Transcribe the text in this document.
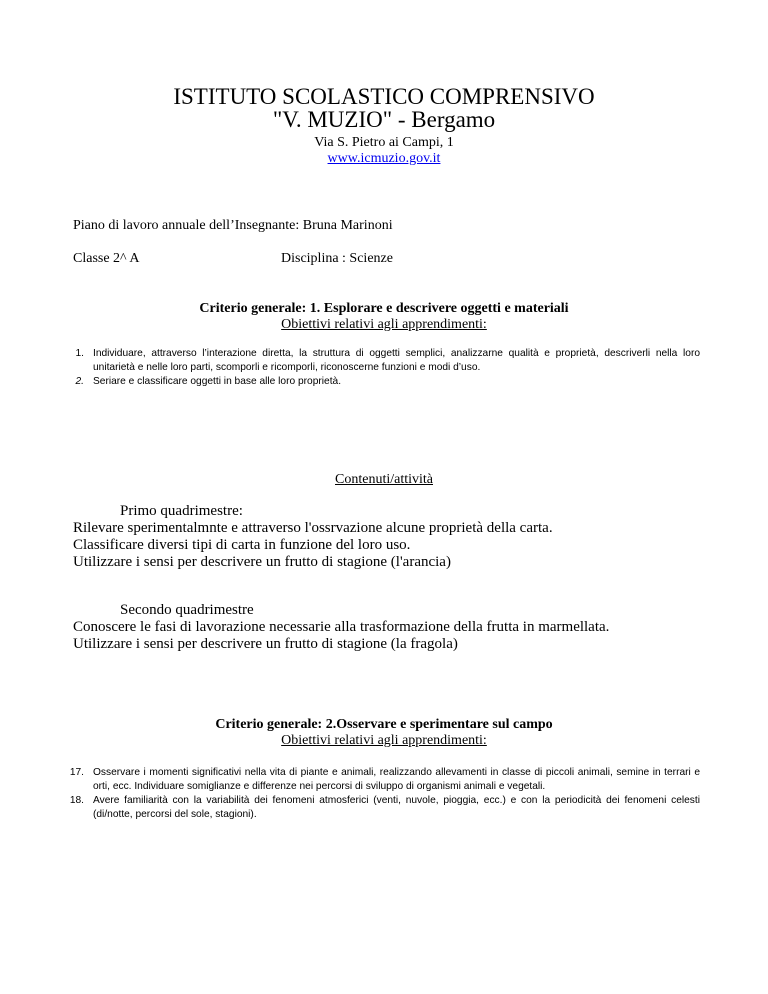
ISTITUTO SCOLASTICO COMPRENSIVO
"V. MUZIO" - Bergamo
Via S. Pietro ai Campi, 1
www.icmuzio.gov.it
Piano di lavoro annuale dell’Insegnante: Bruna Marinoni
Classe 2^ A	Disciplina : Scienze
Criterio generale: 1. Esplorare e descrivere oggetti e materiali
Obiettivi relativi agli apprendimenti:
1. Individuare, attraverso l’interazione diretta, la struttura di oggetti semplici, analizzarne qualità e proprietà, descriverli nella loro unitarietà e nelle loro parti, scomporli e ricomporli, riconoscerne funzioni e modi d’uso.
2. Seriare e classificare oggetti in base alle loro proprietà.
Contenuti/attività
Primo quadrimestre:
Rilevare sperimentalmnte e attraverso l'ossrvazione alcune proprietà della carta.
Classificare diversi tipi di carta in funzione del loro uso.
Utilizzare i sensi per descrivere un frutto di stagione (l'arancia)
Secondo quadrimestre
Conoscere le fasi di lavorazione necessarie alla trasformazione della frutta in marmellata.
Utilizzare i sensi per descrivere un frutto di stagione (la fragola)
Criterio generale: 2.Osservare e sperimentare sul campo
Obiettivi relativi agli apprendimenti:
17. Osservare i momenti significativi nella vita di piante e animali, realizzando allevamenti in classe di piccoli animali, semine in terrari e orti, ecc. Individuare somiglianze e differenze nei percorsi di sviluppo di organismi animali e vegetali.
18. Avere familiarità con la variabilità dei fenomeni atmosferici (venti, nuvole, pioggia, ecc.) e con la periodicità dei fenomeni celesti (di/notte, percorsi del sole, stagioni).
